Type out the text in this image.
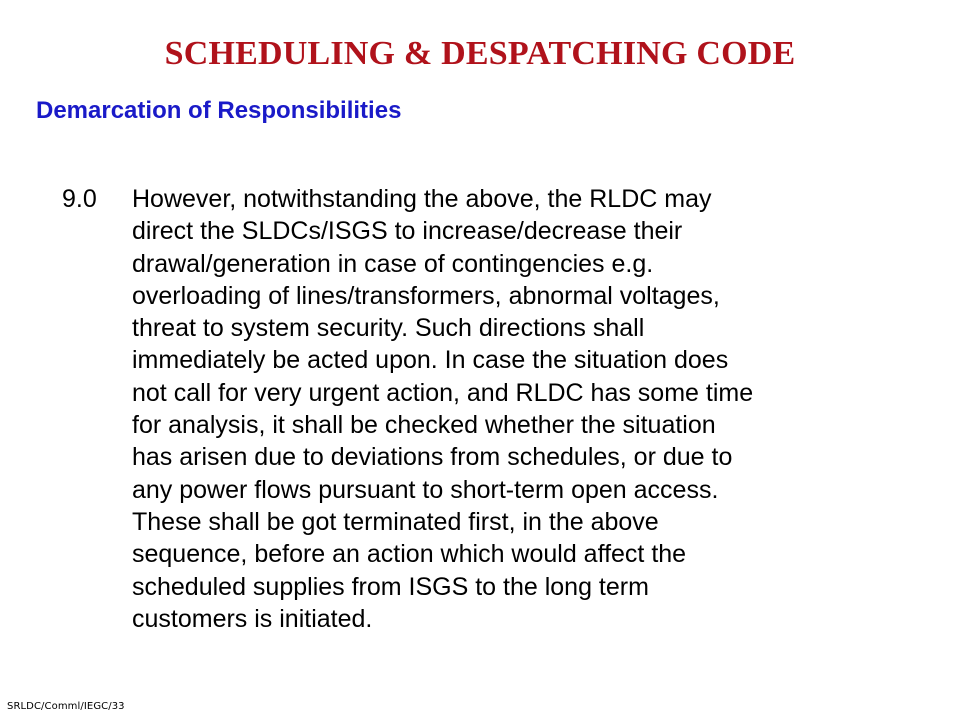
SCHEDULING & DESPATCHING CODE
Demarcation of Responsibilities
9.0 However, notwithstanding the above, the RLDC may
direct the SLDCs/ISGS to increase/decrease their
drawal/generation in case of contingencies e.g.
overloading of lines/transformers, abnormal voltages,
threat to system security. Such directions shall
immediately be acted upon. In case the situation does
not call for very urgent action, and RLDC has some time
for analysis, it shall be checked whether the situation
has arisen due to deviations from schedules, or due to
any power flows pursuant to short-term open access.
These shall be got terminated first, in the above
sequence, before an action which would affect the
scheduled supplies from ISGS to the long term
customers is initiated.
SRLDC/Comml/IEGC/33
